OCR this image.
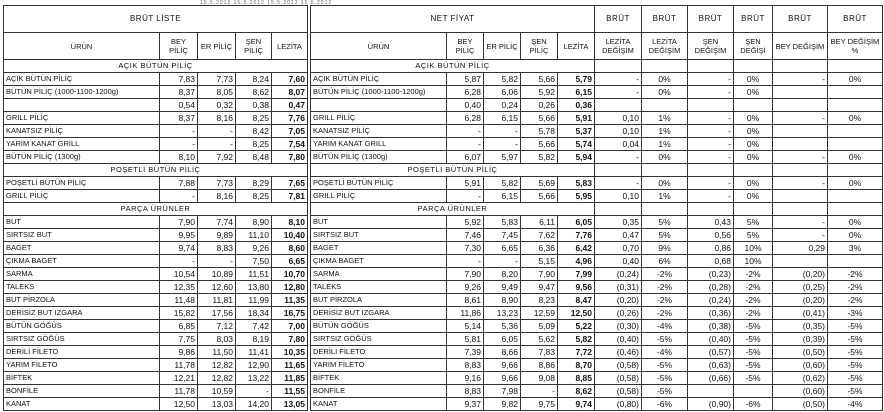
15.5.2012 15.5.2012 15.5.2012 15.5.2012
BRÜT LİSTE				
ÜRÜN	BEY PİLİÇ	ER PİLİÇ	ŞEN PİLİÇ	LEZİTA
AÇIK BÜTÜN PİLİÇ				
AÇIK BÜTÜN PİLİÇ	7,83	7,73	8,24	7,60
BÜTÜN PİLİÇ (1000-1100-1200g)	8,37	8,05	8,62	8,07
	0,54	0,32	0,38	0,47
GRILL PİLİÇ	8,37	8,16	8,25	7,76
KANATSIZ PİLİÇ	-	-	8,42	7,05
YARIM KANAT GRILL	-	-	8,25	7,54
BÜTÜN PİLİÇ (1300g)	8,10	7,92	8,48	7,80
POŞETLİ BÜTÜN PİLİÇ				
POŞETLİ BÜTÜN PİLİÇ	7,88	7,73	8,29	7,65
GRILL PİLİÇ	-	8,16	8,25	7,81
PARÇA ÜRÜNLER				
BUT	7,90	7,74	8,90	8,10
SIRTSIZ BUT	9,95	9,89	11,10	10,40
BAGET	9,74	8,83	9,26	8,60
ÇIKMA BAGET	-	-	7,50	6,65
SARMA	10,54	10,89	11,51	10,70
TALEKS	12,35	12,60	13,80	12,80
BUT PİRZOLA	11,48	11,81	11,99	11,35
DERİSİZ BUT IZGARA	15,82	17,56	18,34	16,75
BÜTÜN GÖĞÜS	6,85	7,12	7,42	7,00
SIRTSIZ GÖĞÜS	7,75	8,03	8,19	7,80
DERİLİ FİLETO	9,86	11,50	11,41	10,35
YARIM FİLETO	11,78	12,82	12,90	11,65
BİFTEK	12,21	12,82	13,22	11,85
BONFİLE	11,78	10,59	-	11,55
KANAT	12,50	13,03	14,20	13,05
NET FİYAT					BRÜT	BRÜT	BRÜT	BRÜT	BRÜT	BRÜT
ÜRÜN	BEY PİLİÇ	ER PİLİÇ	ŞEN PİLİÇ	LEZİTA	LEZİTA DEĞİŞİM	LEZİTA DEĞİŞİM	ŞEN DEĞİŞİM	ŞEN DEĞİŞİ	BEY DEĞİŞİM	BEY DEĞİŞİM %
AÇIK BÜTÜN PİLİÇ										
AÇIK BÜTÜN PİLİÇ	5,87	5,82	5,66	5,79	-	0%	-	0%	-	0%
BÜTÜN PİLİÇ (1000-1100-1200g)	6,28	6,06	5,92	6,15	-	0%	-	0%		
	0,40	0,24	0,26	0,36						
GRILL PİLİÇ	6,28	6,15	5,66	5,91	0,10	1%	-	0%	-	0%
KANATSIZ PİLİÇ	-	-	5,78	5,37	0,10	1%	-	0%		
YARIM KANAT GRILL	-	-	5,66	5,74	0,04	1%	-	0%		
BÜTÜN PİLİÇ (1300g)	6,07	5,97	5,82	5,94	-	0%	-	0%	-	0%
POŞETLİ BÜTÜN PİLİÇ										
POŞETLİ BÜTÜN PİLİÇ	5,91	5,82	5,69	5,83	-	0%	-	0%	-	0%
GRILL PİLİÇ	-	6,15	5,66	5,95	0,10	1%	-	0%		
PARÇA ÜRÜNLER										
BUT	5,92	5,83	6,11	6,05	0,35	5%	0,43	5%	-	0%
SIRTSIZ BUT	7,46	7,45	7,62	7,76	0,47	5%	0,56	5%	-	0%
BAGET	7,30	6,65	6,36	6,42	0,70	9%	0,86	10%	0,29	3%
ÇIKMA BAGET	-	-	5,15	4,96	0,40	6%	0,68	10%		
SARMA	7,90	8,20	7,90	7,99	(0,24)	-2%	(0,23)	-2%	(0,20)	-2%
TALEKS	9,26	9,49	9,47	9,56	(0,31)	-2%	(0,28)	-2%	(0,25)	-2%
BUT PİRZOLA	8,61	8,90	8,23	8,47	(0,20)	-2%	(0,24)	-2%	(0,20)	-2%
DERİSİZ BUT IZGARA	11,86	13,23	12,59	12,50	(0,26)	-2%	(0,36)	-2%	(0,41)	-3%
BÜTÜN GÖĞÜS	5,14	5,36	5,09	5,22	(0,30)	-4%	(0,38)	-5%	(0,35)	-5%
SIRTSIZ GÖĞÜS	5,81	6,05	5,62	5,82	(0,40)	-5%	(0,40)	-5%	(0,39)	-5%
DERİLİ FİLETO	7,39	8,66	7,83	7,72	(0,46)	-4%	(0,57)	-5%	(0,50)	-5%
YARIM FİLETO	8,83	9,66	8,86	8,70	(0,58)	-5%	(0,63)	-5%	(0,60)	-5%
BİFTEK	9,16	9,66	9,08	8,85	(0,58)	-5%	(0,66)	-5%	(0,62)	-5%
BONFİLE	8,83	7,98	-	8,62	(0,58)	-5%			(0,60)	-5%
KANAT	9,37	9,82	9,75	9,74	(0,80)	-6%	(0,90)	-6%	(0,50)	-4%
